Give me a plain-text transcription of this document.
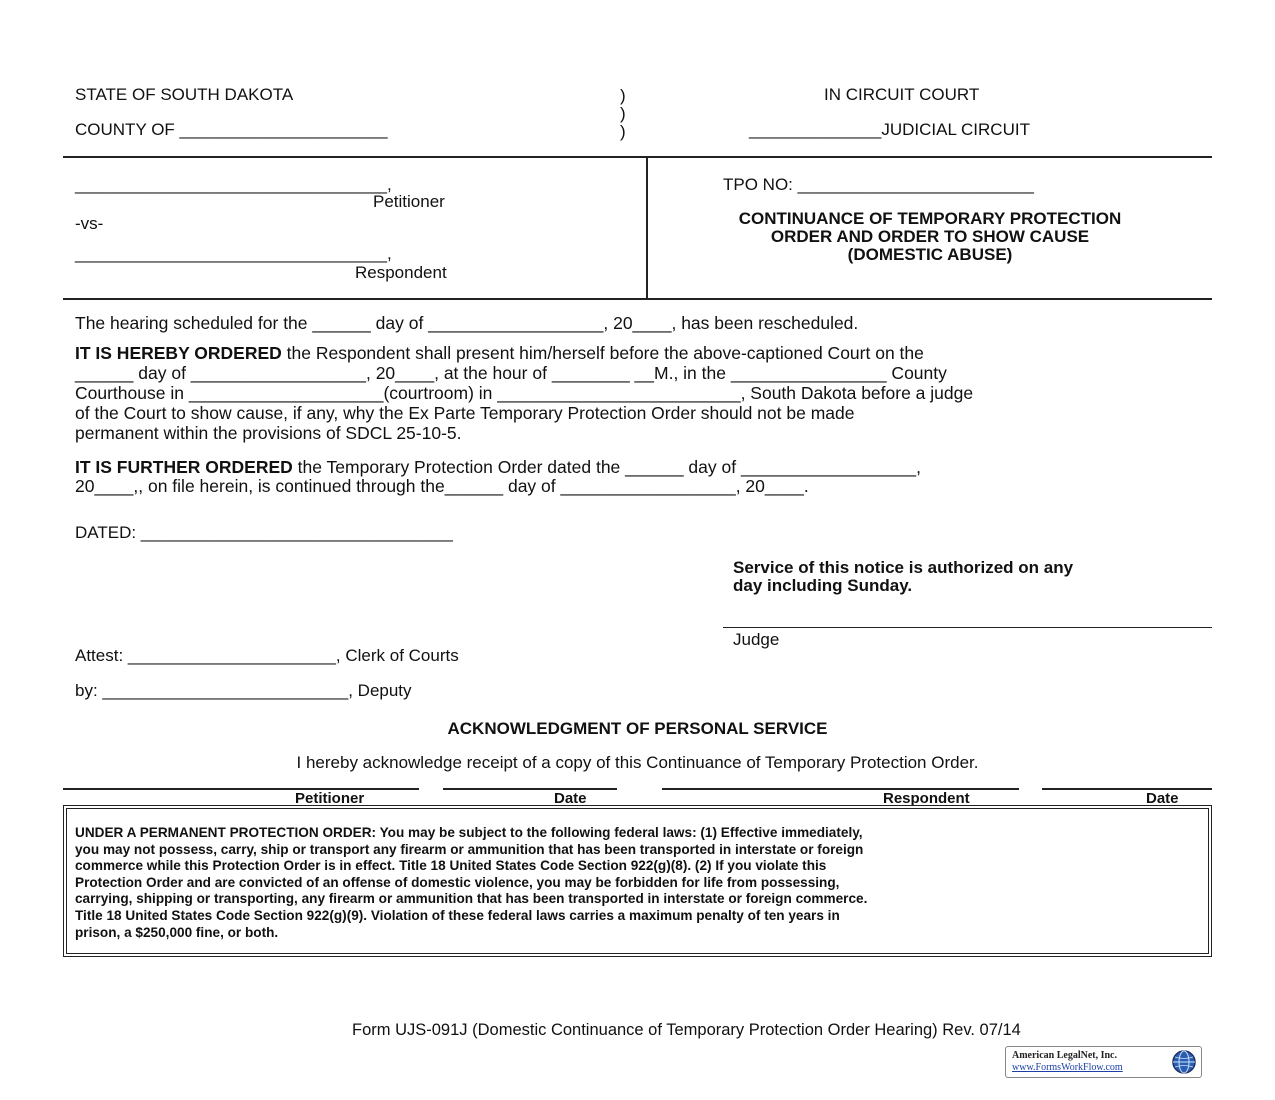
STATE OF SOUTH DAKOTA
COUNTY OF ______________________
)
)
)
IN CIRCUIT COURT
______________JUDICIAL CIRCUIT
_________________________________,
Petitioner
-vs-
_________________________________,
Respondent
TPO NO: _________________________
CONTINUANCE OF TEMPORARY PROTECTION
ORDER AND ORDER TO SHOW CAUSE
(DOMESTIC ABUSE)
The hearing scheduled for the ______ day of __________________, 20____, has been rescheduled.
IT IS HEREBY ORDERED the Respondent shall present him/herself before the above-captioned Court on the
______ day of __________________, 20____, at the hour of ________ __M., in the ________________ County
Courthouse in ____________________(courtroom) in _________________________, South Dakota before a judge
of the Court to show cause, if any, why the Ex Parte Temporary Protection Order should not be made
permanent within the provisions of SDCL 25-10-5.
IT IS FURTHER ORDERED the Temporary Protection Order dated the ______ day of __________________,
20____,, on file herein, is continued through the______ day of __________________, 20____.
DATED: _________________________________
Service of this notice is authorized on any
day including Sunday.
Judge
Attest: ______________________, Clerk of Courts
by: __________________________, Deputy
ACKNOWLEDGMENT OF PERSONAL SERVICE
I hereby acknowledge receipt of a copy of this Continuance of Temporary Protection Order.
Petitioner	Date	Respondent	Date
UNDER A PERMANENT PROTECTION ORDER: You may be subject to the following federal laws: (1) Effective immediately,
you may not possess, carry, ship or transport any firearm or ammunition that has been transported in interstate or foreign
commerce while this Protection Order is in effect. Title 18 United States Code Section 922(g)(8). (2) If you violate this
Protection Order and are convicted of an offense of domestic violence, you may be forbidden for life from possessing,
carrying, shipping or transporting, any firearm or ammunition that has been transported in interstate or foreign commerce.
Title 18 United States Code Section 922(g)(9). Violation of these federal laws carries a maximum penalty of ten years in
prison, a $250,000 fine, or both.
Form UJS-091J (Domestic Continuance of Temporary Protection Order Hearing) Rev. 07/14
American LegalNet, Inc.
www.FormsWorkFlow.com
